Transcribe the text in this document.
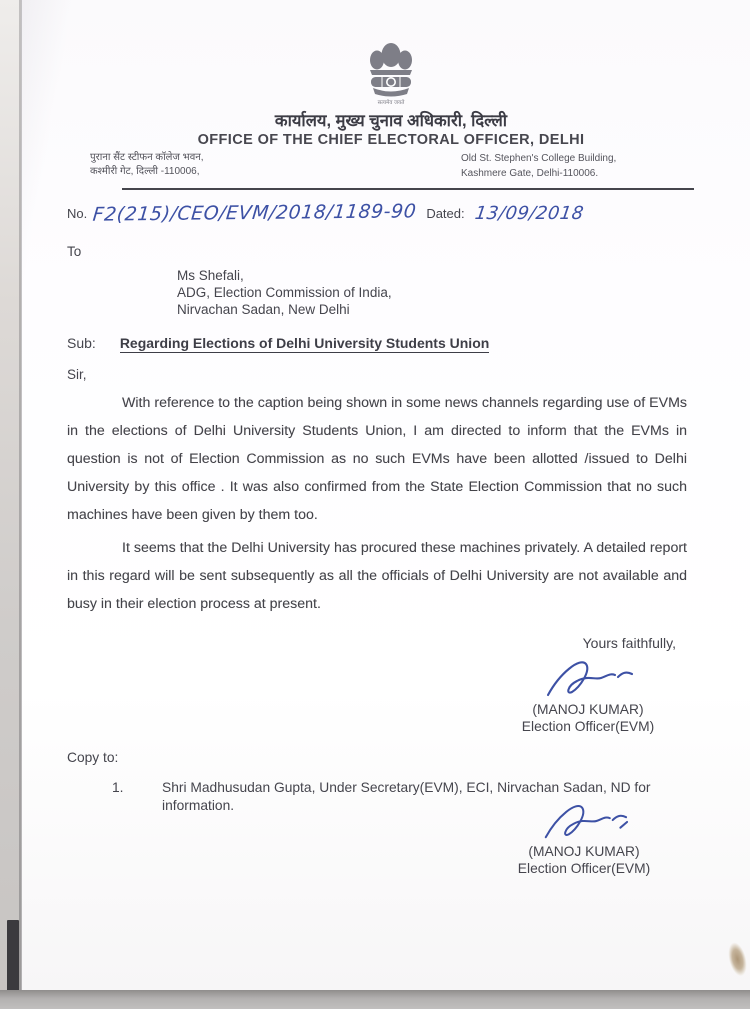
सत्यमेव जयते
कार्यालय, मुख्य चुनाव अधिकारी, दिल्ली
OFFICE OF THE CHIEF ELECTORAL OFFICER, DELHI
पुराना सैंट स्टीफन कॉलेज भवन,
कश्मीरी गेट, दिल्ली -110006,
Old St. Stephen's College Building,
Kashmere Gate, Delhi-110006.
No. F2(215)/CEO/EVM/2018/1189-90 Dated: 13/09/2018
To
Ms Shefali,
ADG, Election Commission of India,
Nirvachan Sadan, New Delhi
Sub: Regarding Elections of Delhi University Students Union
Sir,

With reference to the caption being shown in some news channels regarding use of EVMs in the elections of Delhi University Students Union, I am directed to inform that the EVMs in question is not of Election Commission as no such EVMs have been allotted /issued to Delhi University by this office . It was also confirmed from the State Election Commission that no such machines have been given by them too.

It seems that the Delhi University has procured these machines privately. A detailed report in this regard will be sent subsequently as all the officials of Delhi University are not available and busy in their election process at present.

Yours faithfully,
(MANOJ KUMAR)
Election Officer(EVM)
Copy to:
1.	Shri Madhusudan Gupta, Under Secretary(EVM), ECI, Nirvachan Sadan, ND for information.
(MANOJ KUMAR)
Election Officer(EVM)
